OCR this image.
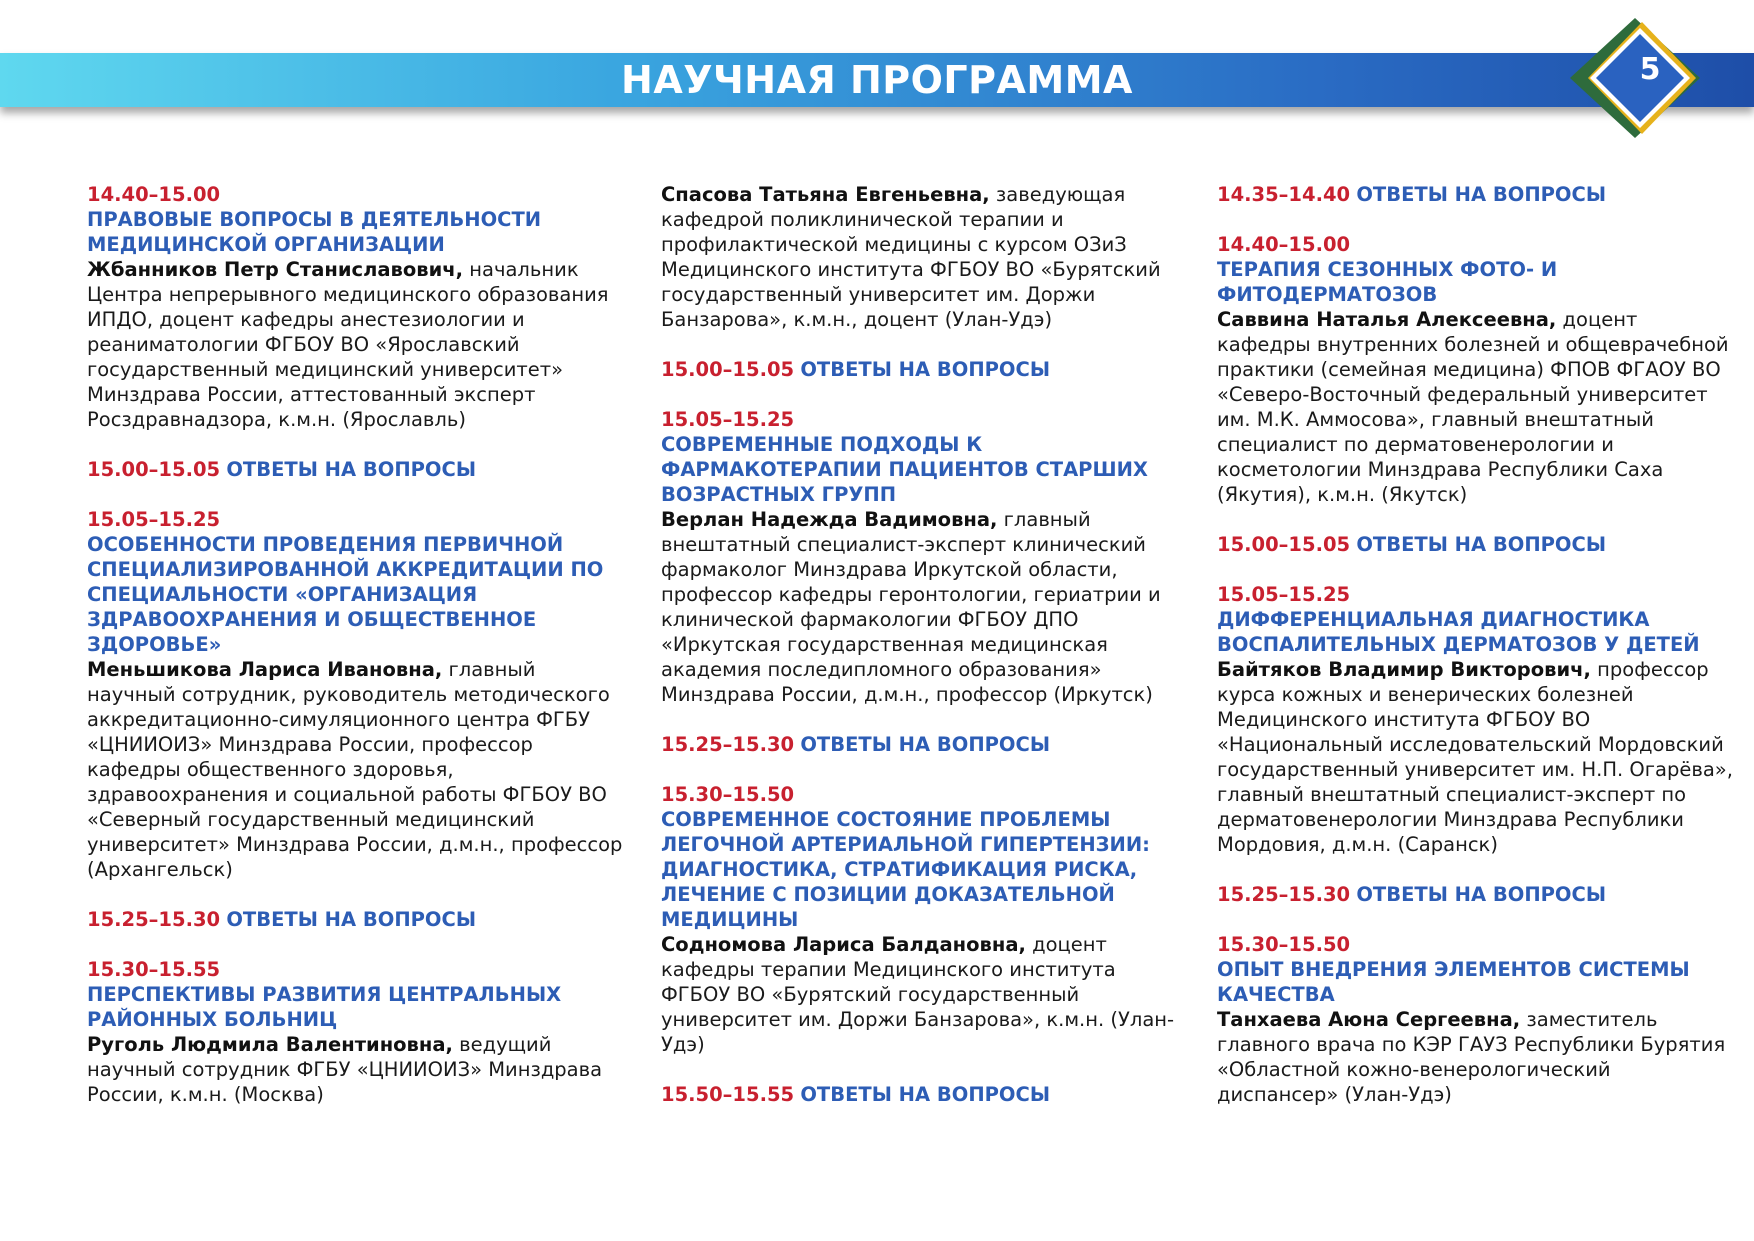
НАУЧНАЯ ПРОГРАММА	5

14.40–15.00

ПРАВОВЫЕ ВОПРОСЫ В ДЕЯТЕЛЬНОСТИ МЕДИЦИНСКОЙ ОРГАНИЗАЦИИ

Жбанников Петр Станиславович, начальник Центра непрерывного медицинского образования ИПДО, доцент кафедры анестезиологии и реаниматологии ФГБОУ ВО «Ярославский государственный медицинский университет» Минздрава России, аттестованный эксперт Росздравнадзора, к.м.н. (Ярославль)

15.00–15.05 ОТВЕТЫ НА ВОПРОСЫ

15.05–15.25

ОСОБЕННОСТИ ПРОВЕДЕНИЯ ПЕРВИЧНОЙ СПЕЦИАЛИЗИРОВАННОЙ АККРЕДИТАЦИИ ПО СПЕЦИАЛЬНОСТИ «ОРГАНИЗАЦИЯ ЗДРАВООХРАНЕНИЯ И ОБЩЕСТВЕННОЕ ЗДОРОВЬЕ»

Меньшикова Лариса Ивановна, главный научный сотрудник, руководитель методического аккредитационно-симуляционного центра ФГБУ «ЦНИИОИЗ» Минздрава России, профессор кафедры общественного здоровья, здравоохранения и социальной работы ФГБОУ ВО «Северный государственный медицинский университет» Минздрава России, д.м.н., профессор (Архангельск)

15.25–15.30 ОТВЕТЫ НА ВОПРОСЫ

15.30–15.55

ПЕРСПЕКТИВЫ РАЗВИТИЯ ЦЕНТРАЛЬНЫХ РАЙОННЫХ БОЛЬНИЦ

Руголь Людмила Валентиновна, ведущий научный сотрудник ФГБУ «ЦНИИОИЗ» Минздрава России, к.м.н. (Москва)

Спасова Татьяна Евгеньевна, заведующая кафедрой поликлинической терапии и профилактической медицины с курсом ОЗиЗ Медицинского института ФГБОУ ВО «Бурятский государственный университет им. Доржи Банзарова», к.м.н., доцент (Улан-Удэ)

15.00–15.05 ОТВЕТЫ НА ВОПРОСЫ

15.05–15.25

СОВРЕМЕННЫЕ ПОДХОДЫ К ФАРМАКОТЕРАПИИ ПАЦИЕНТОВ СТАРШИХ ВОЗРАСТНЫХ ГРУПП

Верлан Надежда Вадимовна, главный внештатный специалист-эксперт клинический фармаколог Минздрава Иркутской области, профессор кафедры геронтологии, гериатрии и клинической фармакологии ФГБОУ ДПО «Иркутская государственная медицинская академия последипломного образования» Минздрава России, д.м.н., профессор (Иркутск)

15.25–15.30 ОТВЕТЫ НА ВОПРОСЫ

15.30–15.50

СОВРЕМЕННОЕ СОСТОЯНИЕ ПРОБЛЕМЫ ЛЕГОЧНОЙ АРТЕРИАЛЬНОЙ ГИПЕРТЕНЗИИ: ДИАГНОСТИКА, СТРАТИФИКАЦИЯ РИСКА, ЛЕЧЕНИЕ С ПОЗИЦИИ ДОКАЗАТЕЛЬНОЙ МЕДИЦИНЫ

Содномова Лариса Балдановна, доцент кафедры терапии Медицинского института ФГБОУ ВО «Бурятский государственный университет им. Доржи Банзарова», к.м.н. (Улан-Удэ)

15.50–15.55 ОТВЕТЫ НА ВОПРОСЫ

14.35–14.40 ОТВЕТЫ НА ВОПРОСЫ

14.40–15.00

ТЕРАПИЯ СЕЗОННЫХ ФОТО- И ФИТОДЕРМАТОЗОВ

Саввина Наталья Алексеевна, доцент кафедры внутренних болезней и общеврачебной практики (семейная медицина) ФПОВ ФГАОУ ВО «Северо-Восточный федеральный университет им. М.К. Аммосова», главный внештатный специалист по дерматовенерологии и косметологии Минздрава Республики Саха (Якутия), к.м.н. (Якутск)

15.00–15.05 ОТВЕТЫ НА ВОПРОСЫ

15.05–15.25

ДИФФЕРЕНЦИАЛЬНАЯ ДИАГНОСТИКА ВОСПАЛИТЕЛЬНЫХ ДЕРМАТОЗОВ У ДЕТЕЙ

Байтяков Владимир Викторович, профессор курса кожных и венерических болезней Медицинского института ФГБОУ ВО «Национальный исследовательский Мордовский государственный университет им. Н.П. Огарёва», главный внештатный специалист-эксперт по дерматовенерологии Минздрава Республики Мордовия, д.м.н. (Саранск)

15.25–15.30 ОТВЕТЫ НА ВОПРОСЫ

15.30–15.50

ОПЫТ ВНЕДРЕНИЯ ЭЛЕМЕНТОВ СИСТЕМЫ КАЧЕСТВА

Танхаева Аюна Сергеевна, заместитель главного врача по КЭР ГАУЗ Республики Бурятия «Областной кожно-венерологический диспансер» (Улан-Удэ)
